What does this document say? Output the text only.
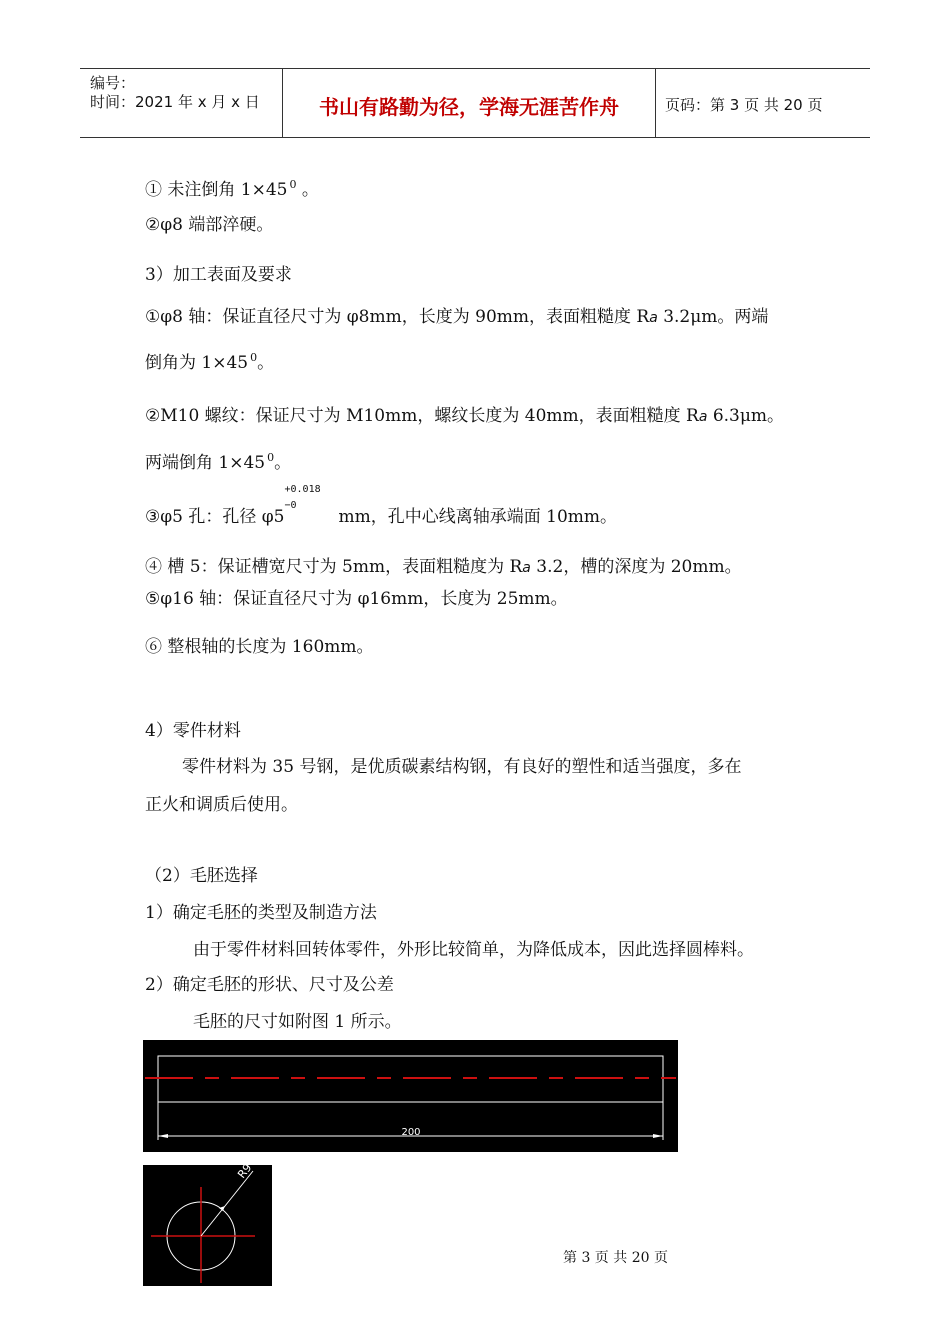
编号：
时间：2021 年 x 月 x 日	书山有路勤为径，学海无涯苦作舟	页码：第 3 页 共 20 页
① 未注倒角 1×45 $^0$ 。
②φ8 端部淬硬。
3）加工表面及要求
①φ8 轴：保证直径尺寸为 φ8mm，长度为 90mm，表面粗糙度 Ra 3.2μm。两端
倒角为 1×45 $^0$。
②M10 螺纹：保证尺寸为 M10mm，螺纹长度为 40mm，表面粗糙度 Ra 6.3μm。
两端倒角 1×45 $^0$。
③φ5 孔：孔径 φ5
+0.018
−0
mm，孔中心线离轴承端面 10mm。
④ 槽 5：保证槽宽尺寸为 5mm，表面粗糙度为 Ra 3.2，槽的深度为 20mm。
⑤φ16 轴：保证直径尺寸为 φ16mm，长度为 25mm。
⑥ 整根轴的长度为 160mm。
4）零件材料
零件材料为 35 号钢，是优质碳素结构钢，有良好的塑性和适当强度，多在
正火和调质后使用。
（2）毛胚选择
1）确定毛胚的类型及制造方法
由于零件材料回转体零件，外形比较简单，为降低成本，因此选择圆棒料。
2）确定毛胚的形状、尺寸及公差
毛胚的尺寸如附图 1 所示。
200
R9
第 3 页 共 20 页
